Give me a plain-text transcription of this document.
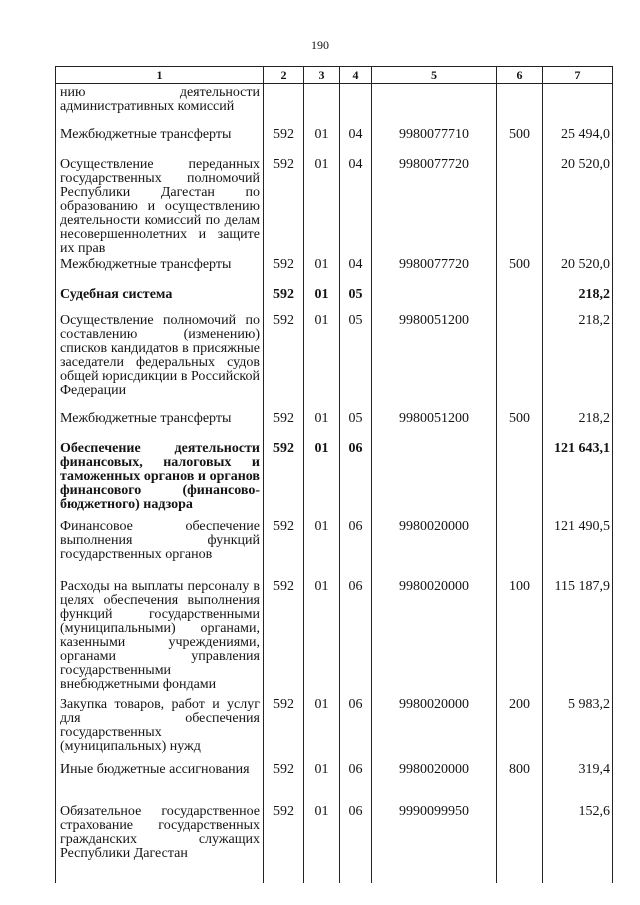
190
1	2	3	4	5	6	7
нию деятельности административных комиссий						
Межбюджетные трансферты	592	01	04	9980077710	500	25 494,0
Осуществление переданных государственных полномочий Республики Дагестан по образованию и осуществлению деятельности комиссий по делам несовершеннолетних и защите их прав	592	01	04	9980077720		20 520,0
Межбюджетные трансферты	592	01	04	9980077720	500	20 520,0
Судебная система	592	01	05			218,2
Осуществление полномочий по составлению (изменению) списков кандидатов в присяжные заседатели федеральных судов общей юрисдикции в Российской Федерации	592	01	05	9980051200		218,2
Межбюджетные трансферты	592	01	05	9980051200	500	218,2
Обеспечение деятельности финансовых, налоговых и таможенных органов и органов финансового (финансово-бюджетного) надзора	592	01	06			121 643,1
Финансовое обеспечение выполнения функций государственных органов	592	01	06	9980020000		121 490,5
Расходы на выплаты персоналу в целях обеспечения выполнения функций государственными (муниципальными) органами, казенными учреждениями, органами управления государственными внебюджетными фондами	592	01	06	9980020000	100	115 187,9
Закупка товаров, работ и услуг для обеспечения государственных (муниципальных) нужд	592	01	06	9980020000	200	5 983,2
Иные бюджетные ассигнования	592	01	06	9980020000	800	319,4
Обязательное государственное страхование государственных гражданских служащих Республики Дагестан	592	01	06	9990099950		152,6
